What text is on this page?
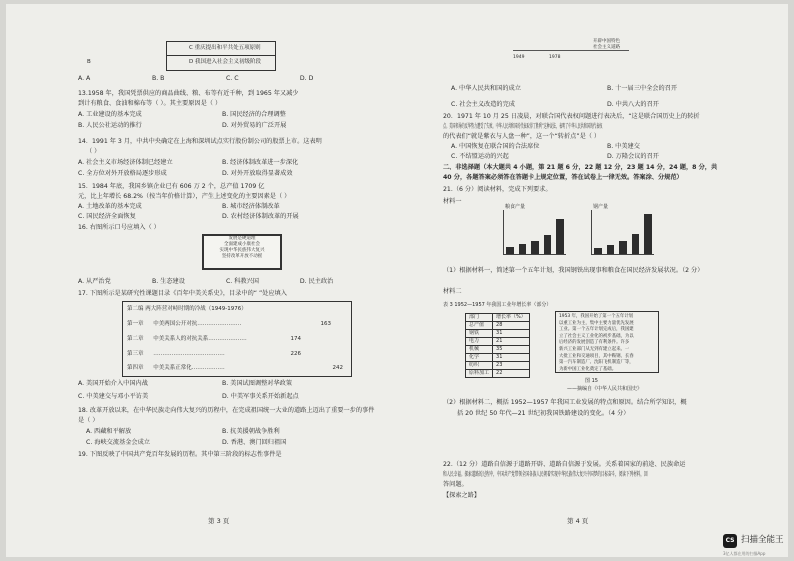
C 重庆提出和平共处五项原则
B	D 我国进入社会主义初级阶段
A. A	B. B	C. C	D. D
13.1958 年，我国凭票供应的商品曲线、粮、布等有近千种，到 1965 年又减少
到计有粮食、食油和棉布等（ ）。其主要原因是（ ）
A. 工业建设的基本完成	B. 国民经济的合理调整
B. 人民公社运动的推行	D. 对外贸易的广泛开展
14．1991 年 3 月，中共中央确定在上海和深圳试点实行股份制公司的股票上市。这表明
（ ）
A. 社会主义市场经济体制已经建立	B. 经济体制改革进一步深化
C. 全方位对外开放格局逐步形成	D. 对外开放取得显著成效
15．1984 年底，我国乡镇企业已有 606 万 2 个，总产值 1709 亿
元，比上年增长 68.2%（按当年价格计算），产生上述变化的主要因素是（ ）
A. 土地改革的基本完成	B. 城市经济体制改革
C. 国民经济全面恢复	D. 农村经济体制改革的开展
16. 右图所示口号应填入（ ）
发展是硬道理
全面建成小康社会
实现中华民族伟大复兴
坚持改革开放不动摇
A. 从严治党	B. 生态建设	C. 科教兴国	D. 民主政治
17. 下图所示是某研究性课题目录《百年中美关系史》，目录中的“ ”处应填入
第二编 两大阵营对峙时期的冷战（1949-1976）
第一章 中美两国公开对抗……………………	163
第二章 中美关系人的对抗关系…………………	174
第三章 …………………………………	226
第四章 中美关系正常化………………	242
A. 美国开始介入中国内战	B. 美国试图调整对华政策
C. 中美建交与邓小平访美	D. 中美军事关系开始新起点
18. 改革开放以来，在中华民族走向伟大复兴的历程中，在完成祖国统一大业的道路上迈出了重要一步的事件
是（ ）
A. 西藏和平解放	B. 抗美援朝战争胜利
C. 海峡交流基金会成立	D. 香港、澳门回归祖国
19. 下图反映了中国共产党百年发展的历程。其中第三阶段的标志性事件是
第 3 页
1949	1978
开辟中国特色
社会主义道路
A. 中华人民共和国的成立	B. 十一届三中全会的召开
C. 社会主义改造的完成	D. 中共八大的召开
20．1971 年 10 月 25 日凌晨，对联合国代表权问题进行表决后，“这是联合国历史上的转折
点。美国领导的反华势力遭受了失败。中华人民共和国的代表取得了胜利”这种说法，表明了中华人民共和国的代表权
的代表们“就是紫衣与人盘一种”，这一个“转折点”是（ ）
A. 中国恢复在联合国的合法席位	B. 中美建交
C. 不结盟运动的兴起	D. 万隆会议的召开
二、非选择题（本大题共 4 小题，第 21 题 6 分，22 题 12 分，23 题 14 分，24 题，8 分，共
40 分，各题答案必须答在答题卡上规定位置，答在试卷上一律无效。答案涂、分规范）
21.（6 分）阅读材料，完成下列要求。
材料一
粮食产量	钢产量
（1）根据材料一，简述第一个五年计划，我国钢铁出现事和粮食在国民经济发展状况。（2 分）
材料二
表 3 1952—1957 年我国工业年增长率（部分）
部门	增长率（%）
总产值	28
钢铁	31
电力	21
机械	35
化学	31
纺织	23
原料加工	22
1953 年，我国开始了第一个五年计划
以重工业为主，集中主要力量优先发展
工业。第一个五年计划完成后，我国建
立了社会主义工业化的初步基础，为以
后经济的发展创造了有利条件。许多
新兴工业部门从无到有建立起来。一
大批工业和交通项目，其中鞍钢、长春
第一汽车制造厂、沈阳飞机制造厂等，
为新中国工业化奠定了基础。
图 15
——摘编自《中华人民共和国史》
（2）根据材料二，概括 1952—1957 年我国工业发展的特点和原因。结合所学知识，概
括 20 世纪 50 年代—21 世纪初我国铁路建设的变化。（4 分）
22.（12 分）道路自信源于道路开辟、道路自信源于发展。关系着国家的前途、民族命运
和人民幸福。探索道路的过程中，中国共产党带领全国各族人民朝着实现中华民族伟大复兴中国梦的目标奋斗，阅读下列材料，回
答问题。
【探索之路】
第 4 页
CS 扫描全能王
3亿人都在用的扫描App
